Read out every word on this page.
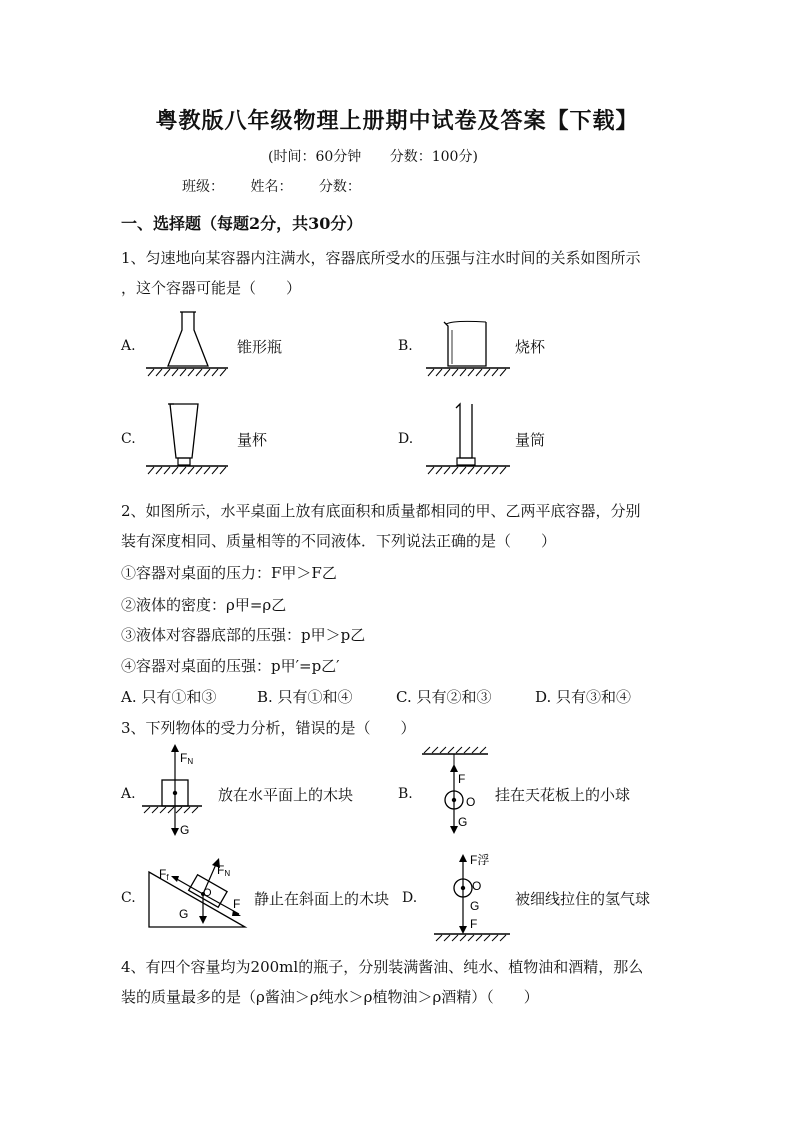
粤教版八年级物理上册期中试卷及答案【下载】
(时间：60分钟 分数：100分)
班级： 姓名： 分数：
一、选择题（每题2分，共30分）
1、匀速地向某容器内注满水，容器底所受水的压强与注水时间的关系如图所示
，这个容器可能是（　　）
A.	锥形瓶	B.	烧杯
C.	量杯	D.	量筒
2、如图所示，水平桌面上放有底面积和质量都相同的甲、乙两平底容器，分别
装有深度相同、质量相等的不同液体．下列说法正确的是（　　）
①容器对桌面的压力：F甲＞F乙
②液体的密度：ρ甲=ρ乙
③液体对容器底部的压强：p甲＞p乙
④容器对桌面的压强：p甲′=p乙′
A. 只有①和③	B. 只有①和④	C. 只有②和③	D. 只有③和④
3、下列物体的受力分析，错误的是（　　）
A.	放在水平面上的木块	B.	挂在天花板上的小球
C.	静止在斜面上的木块 D.	被细线拉住的氢气球
FN
G
F
O
G
Ff
FN
O
G
F
F浮
O
G
F
4、有四个容量均为200ml的瓶子，分别装满酱油、纯水、植物油和酒精，那么
装的质量最多的是（ρ酱油＞ρ纯水＞ρ植物油＞ρ酒精）（　　）
